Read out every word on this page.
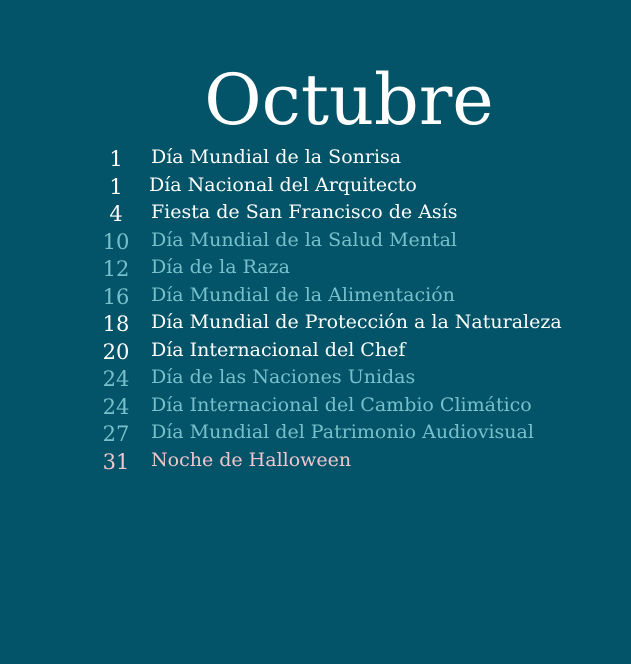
Octubre
1	Día Mundial de la Sonrisa
1	Día Nacional del Arquitecto
4	Fiesta de San Francisco de Asís
10	Día Mundial de la Salud Mental
12	Día de la Raza
16	Día Mundial de la Alimentación
18	Día Mundial de Protección a la Naturaleza
20	Día Internacional del Chef
24	Día de las Naciones Unidas
24	Día Internacional del Cambio Climático
27	Día Mundial del Patrimonio Audiovisual
31	Noche de Halloween
